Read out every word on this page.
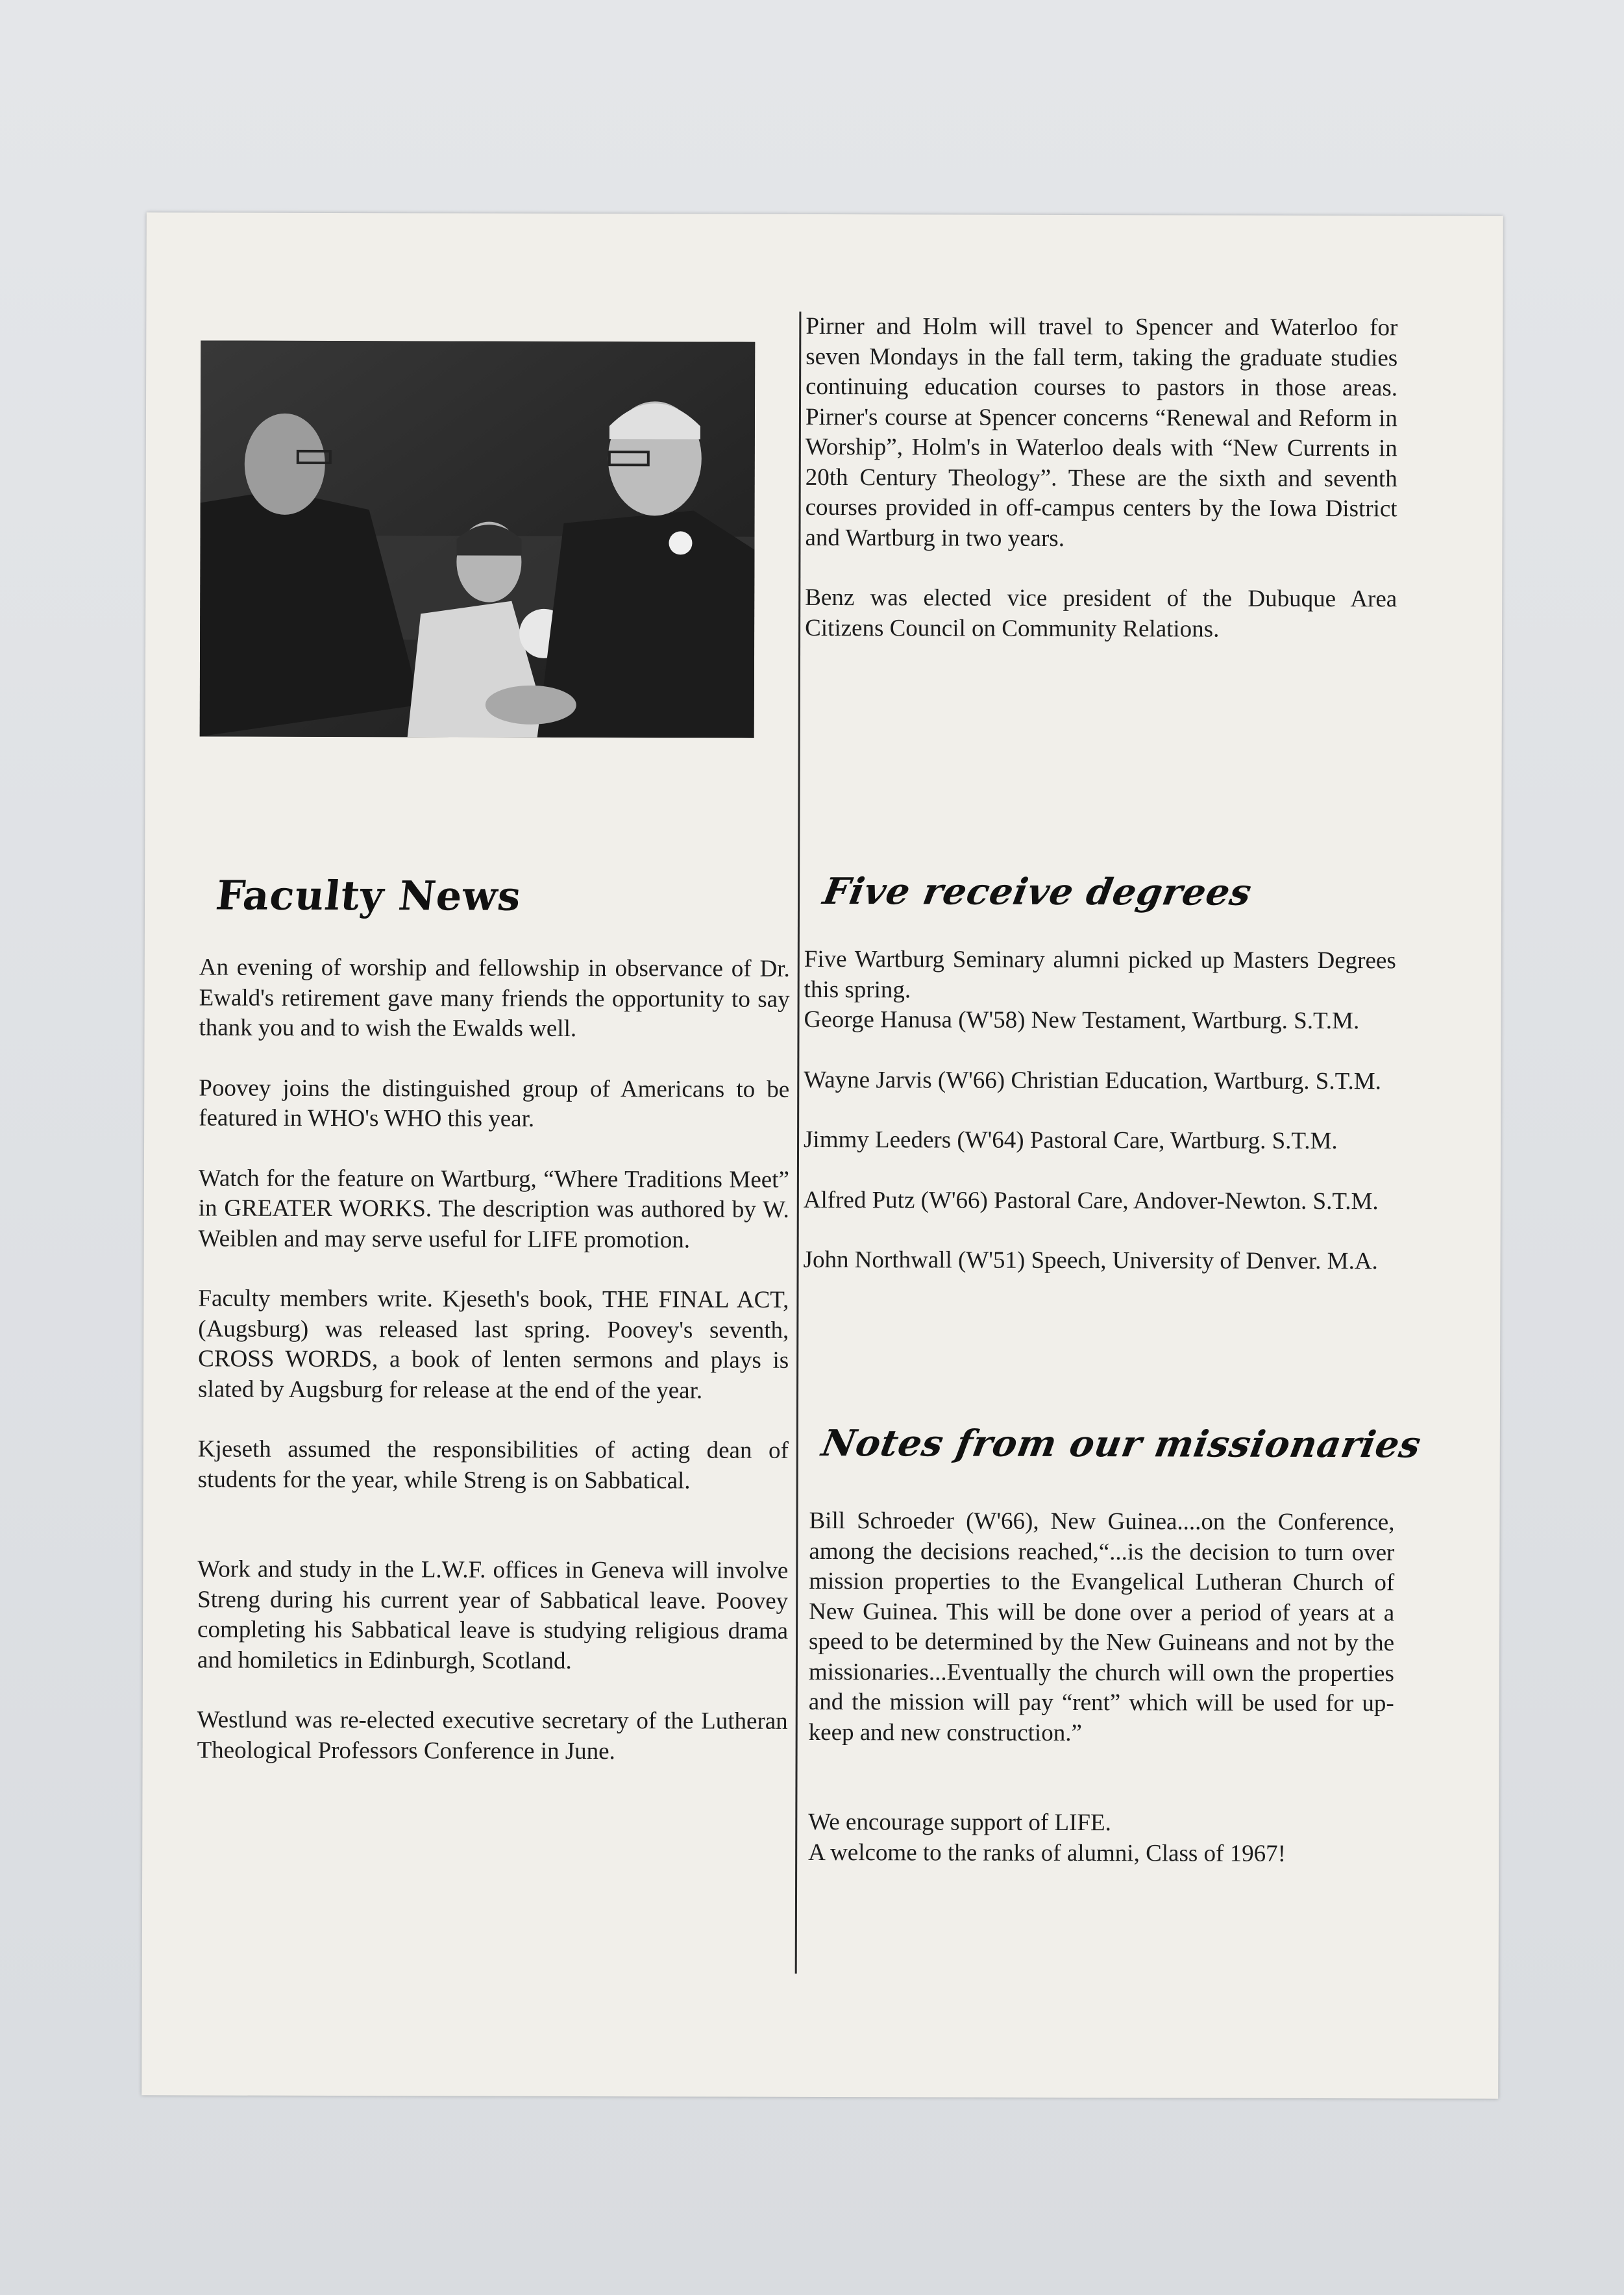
Faculty News

An evening of worship and fellowship in observance of Dr. Ewald's retirement gave many friends the opportunity to say thank you and to wish the Ewalds well.

Poovey joins the distinguished group of Americans to be featured in WHO's WHO this year.

Watch for the feature on Wartburg, “Where Traditions Meet” in GREATER WORKS. The description was authored by W. Weiblen and may serve useful for LIFE promotion.

Faculty members write. Kjeseth's book, THE FINAL ACT, (Augsburg) was released last spring. Poovey's seventh, CROSS WORDS, a book of lenten sermons and plays is slated by Augsburg for release at the end of the year.

Kjeseth assumed the responsibilities of acting dean of students for the year, while Streng is on Sabbatical.

Work and study in the L.W.F. offices in Geneva will involve Streng during his current year of Sabbatical leave. Poovey completing his Sabbatical leave is studying religious drama and homiletics in Edinburgh, Scotland.

Westlund was re-elected executive secretary of the Lutheran Theological Professors Conference in June.

Pirner and Holm will travel to Spencer and Waterloo for seven Mondays in the fall term, taking the graduate studies continuing education courses to pastors in those areas. Pirner's course at Spencer concerns “Renewal and Reform in Worship”, Holm's in Waterloo deals with “New Currents in 20th Century Theology”. These are the sixth and seventh courses provided in off-campus centers by the Iowa District and Wartburg in two years.

Benz was elected vice president of the Dubuque Area Citizens Council on Community Relations.

Five receive degrees

Five Wartburg Seminary alumni picked up Masters Degrees this spring.

George Hanusa (W'58) New Testament, Wartburg. S.T.M.

Wayne Jarvis (W'66) Christian Education, Wartburg. S.T.M.

Jimmy Leeders (W'64) Pastoral Care, Wartburg. S.T.M.

Alfred Putz (W'66) Pastoral Care, Andover-Newton. S.T.M.

John Northwall (W'51) Speech, University of Denver. M.A.

Notes from our missionaries

Bill Schroeder (W'66), New Guinea....on the Conference, among the decisions reached,“...is the decision to turn over mission properties to the Evangelical Lutheran Church of New Guinea. This will be done over a period of years at a speed to be determined by the New Guineans and not by the missionaries...Eventually the church will own the properties and the mission will pay “rent” which will be used for up-keep and new construction.”

We encourage support of LIFE.

A welcome to the ranks of alumni, Class of 1967!
